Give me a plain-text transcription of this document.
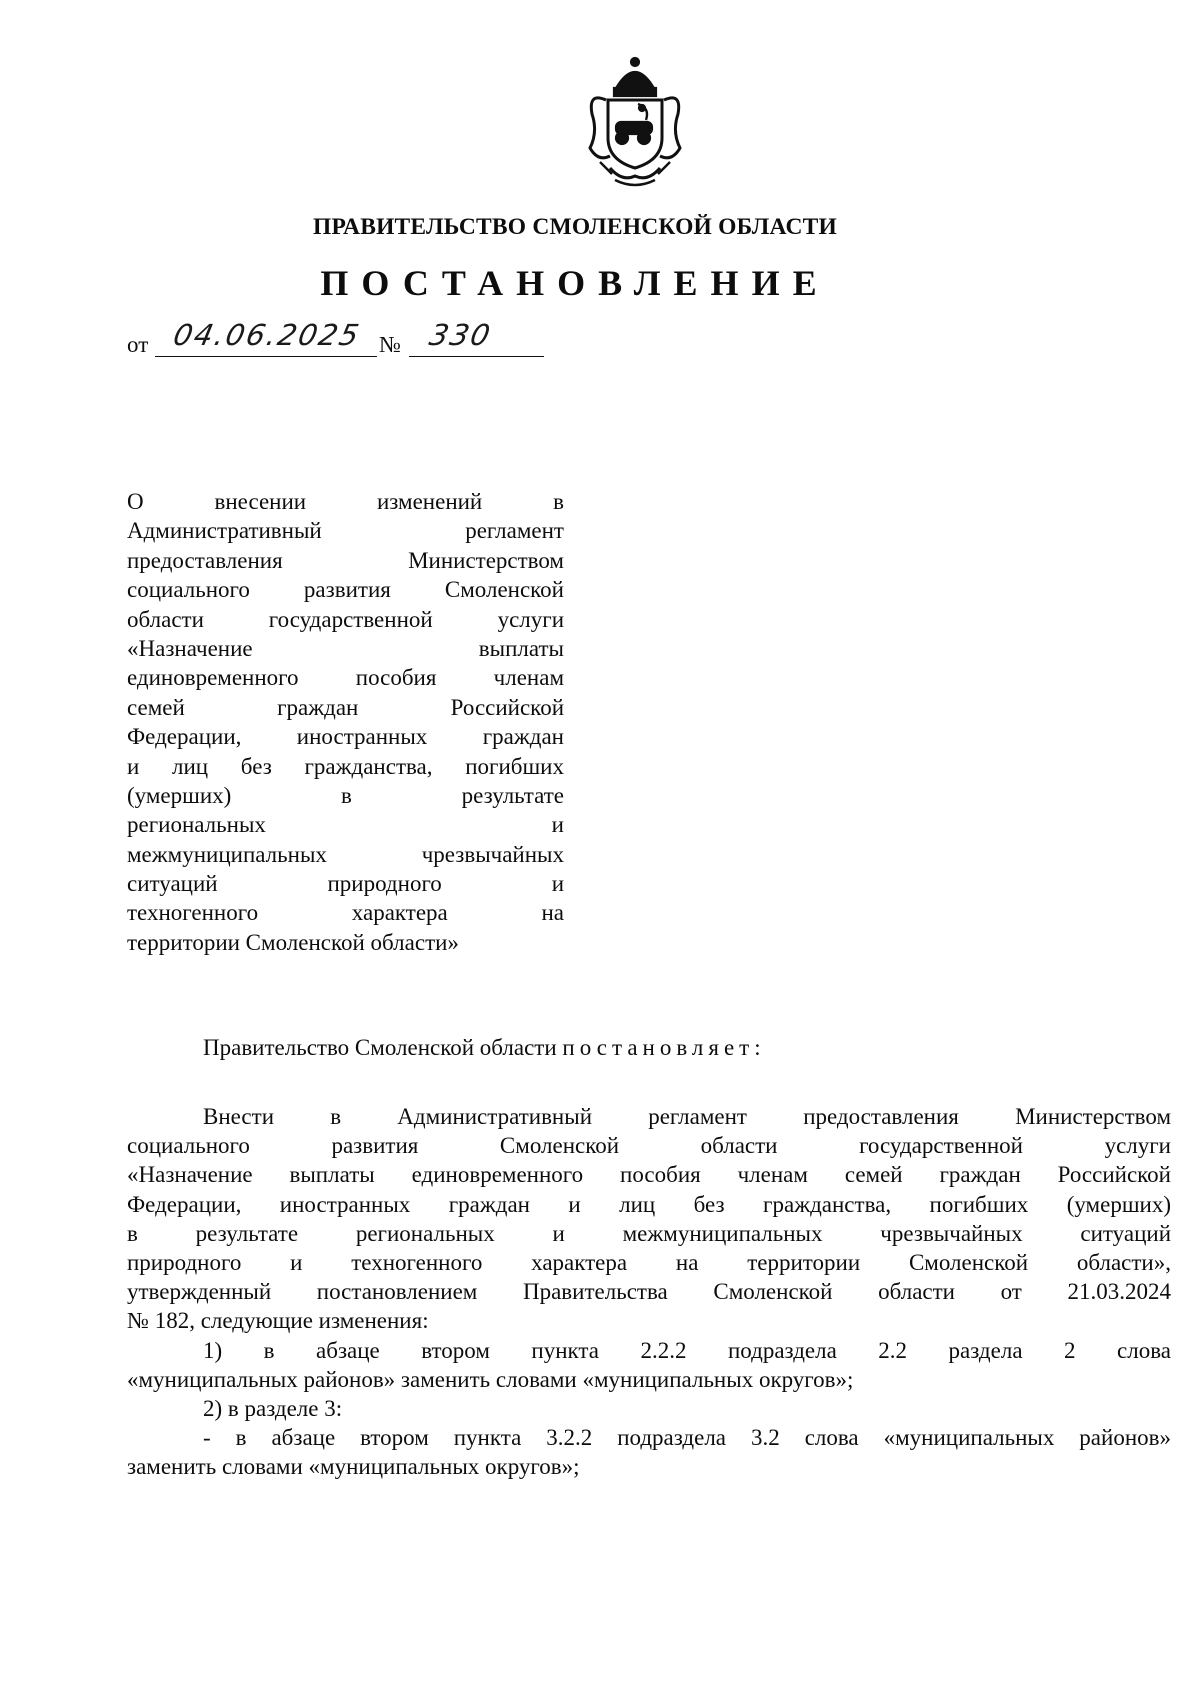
ПРАВИТЕЛЬСТВО СМОЛЕНСКОЙ ОБЛАСТИ
ПОСТАНОВЛЕНИЕ
от 04.06.2025 № 330
О внесении изменений в
Административный регламент
предоставления Министерством
социального развития Смоленской
области государственной услуги
«Назначение выплаты
единовременного пособия членам
семей граждан Российской
Федерации, иностранных граждан
и лиц без гражданства, погибших
(умерших) в результате
региональных и
межмуниципальных чрезвычайных
ситуаций природного и
техногенного характера на
территории Смоленской области»
Правительство Смоленской области постановляет:
Внести в Административный регламент предоставления Министерством
социального развития Смоленской области государственной услуги
«Назначение выплаты единовременного пособия членам семей граждан Российской
Федерации, иностранных граждан и лиц без гражданства, погибших (умерших)
в результате региональных и межмуниципальных чрезвычайных ситуаций
природного и техногенного характера на территории Смоленской области»,
утвержденный постановлением Правительства Смоленской области от 21.03.2024
№ 182, следующие изменения:
1) в абзаце втором пункта 2.2.2 подраздела 2.2 раздела 2 слова
«муниципальных районов» заменить словами «муниципальных округов»;
2) в разделе 3:
- в абзаце втором пункта 3.2.2 подраздела 3.2 слова «муниципальных районов»
заменить словами «муниципальных округов»;
